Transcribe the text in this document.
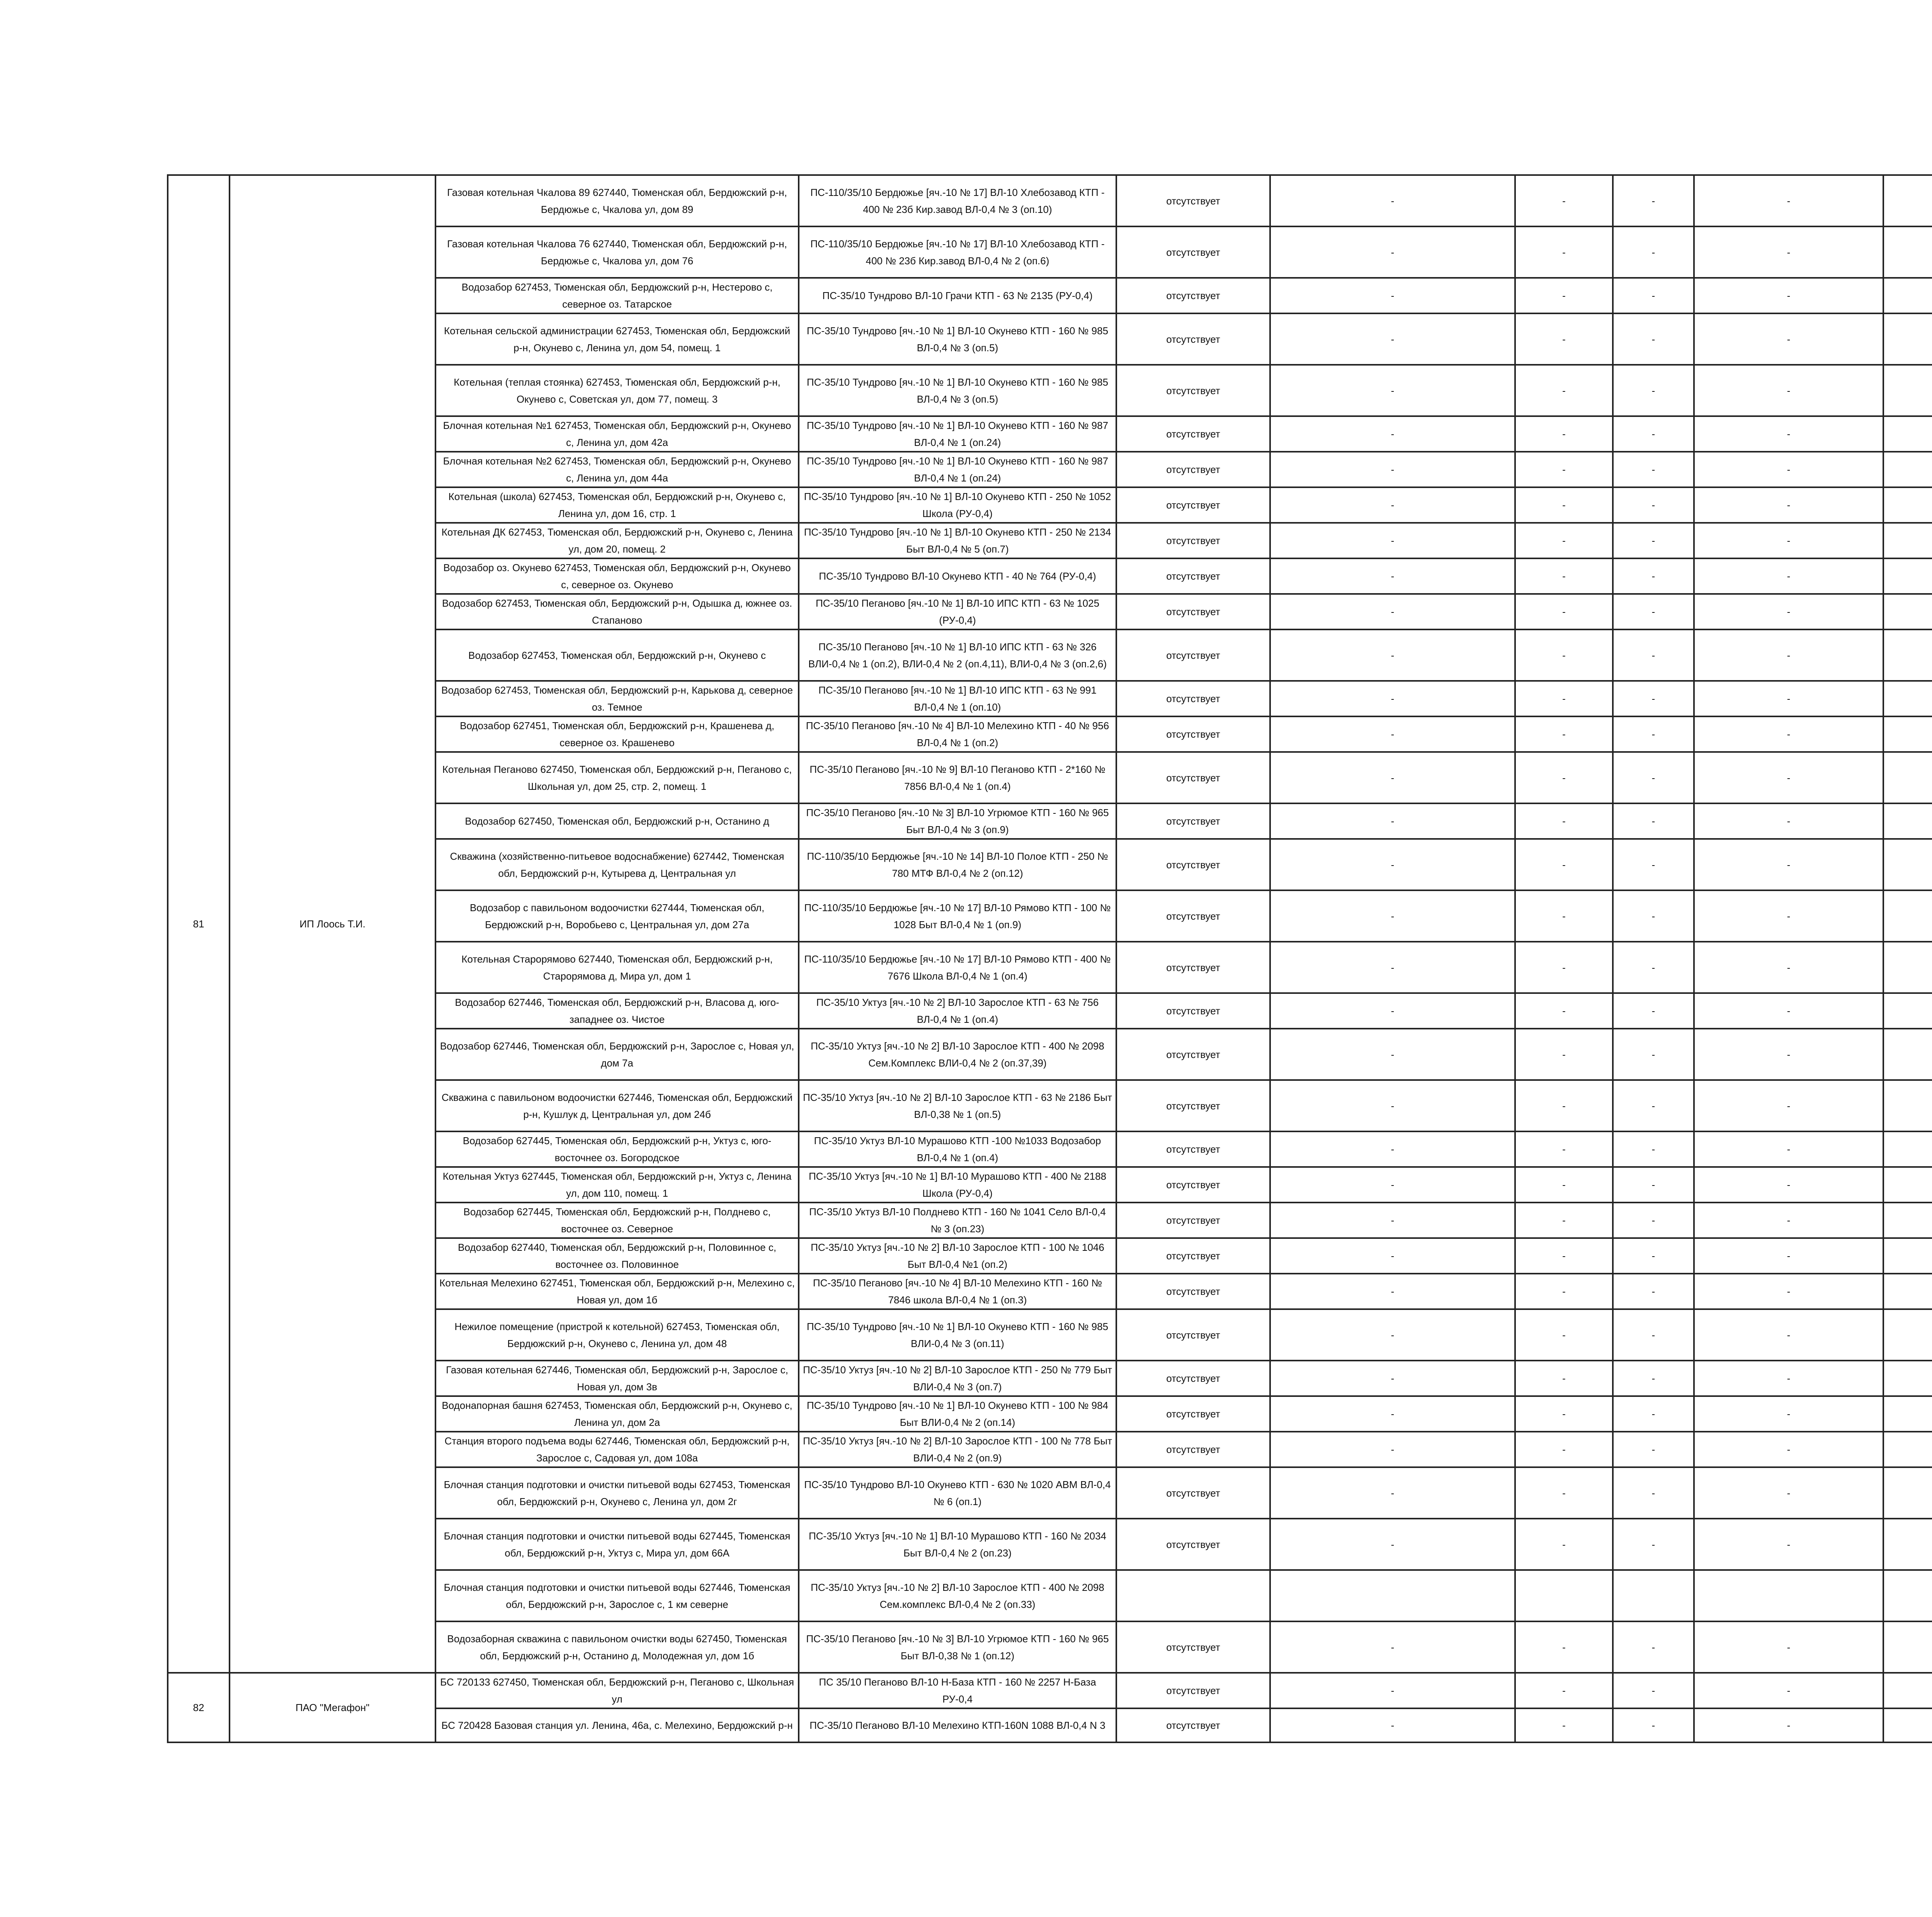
81	ИП Лоось Т.И.	Газовая котельная Чкалова 89 627440, Тюменская обл, Бердюжский р-н, Бердюжье с, Чкалова ул, дом 89	ПС-110/35/10 Бердюжье [яч.-10 № 17] ВЛ-10 Хлебозавод КТП - 400 № 23б Кир.завод ВЛ-0,4 № 3 (оп.10)	отсутствует	-	-	-	-		
		Газовая котельная Чкалова 76 627440, Тюменская обл, Бердюжский р-н, Бердюжье с, Чкалова ул, дом 76	ПС-110/35/10 Бердюжье [яч.-10 № 17] ВЛ-10 Хлебозавод КТП - 400 № 23б Кир.завод ВЛ-0,4 № 2 (оп.6)	отсутствует	-	-	-	-		
		Водозабор 627453, Тюменская обл, Бердюжский р-н, Нестерово с, северное оз. Татарское	ПС-35/10 Тундрово ВЛ-10 Грачи КТП - 63 № 2135 (РУ-0,4)	отсутствует	-	-	-	-		
		Котельная сельской администрации 627453, Тюменская обл, Бердюжский р-н, Окунево с, Ленина ул, дом 54, помещ. 1	ПС-35/10 Тундрово [яч.-10 № 1] ВЛ-10 Окунево КТП - 160 № 985 ВЛ-0,4 № 3 (оп.5)	отсутствует	-	-	-	-		
		Котельная (теплая стоянка) 627453, Тюменская обл, Бердюжский р-н, Окунево с, Советская ул, дом 77, помещ. 3	ПС-35/10 Тундрово [яч.-10 № 1] ВЛ-10 Окунево КТП - 160 № 985 ВЛ-0,4 № 3 (оп.5)	отсутствует	-	-	-	-		
		Блочная котельная №1 627453, Тюменская обл, Бердюжский р-н, Окунево с, Ленина ул, дом 42а	ПС-35/10 Тундрово [яч.-10 № 1] ВЛ-10 Окунево КТП - 160 № 987 ВЛ-0,4 № 1 (оп.24)	отсутствует	-	-	-	-		
		Блочная котельная №2 627453, Тюменская обл, Бердюжский р-н, Окунево с, Ленина ул, дом 44а	ПС-35/10 Тундрово [яч.-10 № 1] ВЛ-10 Окунево КТП - 160 № 987 ВЛ-0,4 № 1 (оп.24)	отсутствует	-	-	-	-		
		Котельная (школа) 627453, Тюменская обл, Бердюжский р-н, Окунево с, Ленина ул, дом 16, стр. 1	ПС-35/10 Тундрово [яч.-10 № 1] ВЛ-10 Окунево КТП - 250 № 1052 Школа (РУ-0,4)	отсутствует	-	-	-	-		
		Котельная ДК 627453, Тюменская обл, Бердюжский р-н, Окунево с, Ленина ул, дом 20, помещ. 2	ПС-35/10 Тундрово [яч.-10 № 1] ВЛ-10 Окунево КТП - 250 № 2134 Быт ВЛ-0,4 № 5 (оп.7)	отсутствует	-	-	-	-		
		Водозабор оз. Окунево 627453, Тюменская обл, Бердюжский р-н, Окунево с, северное оз. Окунево	ПС-35/10 Тундрово ВЛ-10 Окунево КТП - 40 № 764 (РУ-0,4)	отсутствует	-	-	-	-		
		Водозабор 627453, Тюменская обл, Бердюжский р-н, Одышка д, южнее оз. Стапаново	ПС-35/10 Пеганово [яч.-10 № 1] ВЛ-10 ИПС КТП - 63 № 1025 (РУ-0,4)	отсутствует	-	-	-	-		
		Водозабор 627453, Тюменская обл, Бердюжский р-н, Окунево с	ПС-35/10 Пеганово [яч.-10 № 1] ВЛ-10 ИПС КТП - 63 № 326 ВЛИ-0,4 № 1 (оп.2), ВЛИ-0,4 № 2 (оп.4,11), ВЛИ-0,4 № 3 (оп.2,6)	отсутствует	-	-	-	-		
		Водозабор 627453, Тюменская обл, Бердюжский р-н, Карькова д, северное оз. Темное	ПС-35/10 Пеганово [яч.-10 № 1] ВЛ-10 ИПС КТП - 63 № 991 ВЛ-0,4 № 1 (оп.10)	отсутствует	-	-	-	-		
		Водозабор 627451, Тюменская обл, Бердюжский р-н, Крашенева д, северное оз. Крашеневo	ПС-35/10 Пеганово [яч.-10 № 4] ВЛ-10 Мелехино КТП - 40 № 956 ВЛ-0,4 № 1 (оп.2)	отсутствует	-	-	-	-		
		Котельная Пеганово 627450, Тюменская обл, Бердюжский р-н, Пеганово с, Школьная ул, дом 25, стр. 2, помещ. 1	ПС-35/10 Пеганово [яч.-10 № 9] ВЛ-10 Пеганово КТП - 2*160 № 7856 ВЛ-0,4 № 1 (оп.4)	отсутствует	-	-	-	-		
		Водозабор 627450, Тюменская обл, Бердюжский р-н, Останино д	ПС-35/10 Пеганово [яч.-10 № 3] ВЛ-10 Угрюмое КТП - 160 № 965 Быт ВЛ-0,4 № 3 (оп.9)	отсутствует	-	-	-	-		
		Скважина (хозяйственно-питьевое водоснабжение) 627442, Тюменская обл, Бердюжский р-н, Кутырева д, Центральная ул	ПС-110/35/10 Бердюжье [яч.-10 № 14] ВЛ-10 Полое КТП - 250 № 780 МТФ ВЛ-0,4 № 2 (оп.12)	отсутствует	-	-	-	-		
		Водозабор с павильоном водоочистки 627444, Тюменская обл, Бердюжский р-н, Воробьево с, Центральная ул, дом 27а	ПС-110/35/10 Бердюжье [яч.-10 № 17] ВЛ-10 Рямово КТП - 100 № 1028 Быт ВЛ-0,4 № 1 (оп.9)	отсутствует	-	-	-	-		
		Котельная Старорямово 627440, Тюменская обл, Бердюжский р-н, Старорямова д, Мира ул, дом 1	ПС-110/35/10 Бердюжье [яч.-10 № 17] ВЛ-10 Рямово КТП - 400 № 7676 Школа ВЛ-0,4 № 1 (оп.4)	отсутствует	-	-	-	-		
		Водозабор 627446, Тюменская обл, Бердюжский р-н, Власова д, юго-западнее оз. Чистое	ПС-35/10 Уктуз [яч.-10 № 2] ВЛ-10 Зарослое КТП - 63 № 756 ВЛ-0,4 № 1 (оп.4)	отсутствует	-	-	-	-		
		Водозабор 627446, Тюменская обл, Бердюжский р-н, Зарослое с, Новая ул, дом 7а	ПС-35/10 Уктуз [яч.-10 № 2] ВЛ-10 Зарослое КТП - 400 № 2098 Сем.Комплекс ВЛИ-0,4 № 2 (оп.37,39)	отсутствует	-	-	-	-		
		Скважина с павильоном водоочистки 627446, Тюменская обл, Бердюжский р-н, Кушлук д, Центральная ул, дом 24б	ПС-35/10 Уктуз [яч.-10 № 2] ВЛ-10 Зарослое КТП - 63 № 2186 Быт ВЛ-0,38 № 1 (оп.5)	отсутствует	-	-	-	-		
		Водозабор 627445, Тюменская обл, Бердюжский р-н, Уктуз с, юго-восточнее оз. Богородское	ПС-35/10 Уктуз ВЛ-10 Мурашово КТП -100 №1033 Водозабор ВЛ-0,4 № 1 (оп.4)	отсутствует	-	-	-	-		
		Котельная Уктуз 627445, Тюменская обл, Бердюжский р-н, Уктуз с, Ленина ул, дом 110, помещ. 1	ПС-35/10 Уктуз [яч.-10 № 1] ВЛ-10 Мурашово КТП - 400 № 2188 Школа (РУ-0,4)	отсутствует	-	-	-	-		
		Водозабор 627445, Тюменская обл, Бердюжский р-н, Полднево с, восточнее оз. Северное	ПС-35/10 Уктуз ВЛ-10 Полднево КТП - 160 № 1041 Село ВЛ-0,4 № 3 (оп.23)	отсутствует	-	-	-	-		
		Водозабор 627440, Тюменская обл, Бердюжский р-н, Половинное с, восточнее оз. Половинное	ПС-35/10 Уктуз [яч.-10 № 2] ВЛ-10 Зарослое КТП - 100 № 1046 Быт ВЛ-0,4 №1 (оп.2)	отсутствует	-	-	-	-		
		Котельная Мелехино 627451, Тюменская обл, Бердюжский р-н, Мелехино с, Новая ул, дом 1б	ПС-35/10 Пеганово [яч.-10 № 4] ВЛ-10 Мелехино КТП - 160 № 7846 школа ВЛ-0,4 № 1 (оп.3)	отсутствует	-	-	-	-		
		Нежилое помещение (пристрой к котельной) 627453, Тюменская обл, Бердюжский р-н, Окунево с, Ленина ул, дом 48	ПС-35/10 Тундрово [яч.-10 № 1] ВЛ-10 Окунево КТП - 160 № 985 ВЛИ-0,4 № 3 (оп.11)	отсутствует	-	-	-	-		
		Газовая котельная 627446, Тюменская обл, Бердюжский р-н, Зарослое с, Новая ул, дом 3в	ПС-35/10 Уктуз [яч.-10 № 2] ВЛ-10 Зарослое КТП - 250 № 779 Быт ВЛИ-0,4 № 3 (оп.7)	отсутствует	-	-	-	-		
		Водонапорная башня 627453, Тюменская обл, Бердюжский р-н, Окунево с, Ленина ул, дом 2а	ПС-35/10 Тундрово [яч.-10 № 1] ВЛ-10 Окунево КТП - 100 № 984 Быт ВЛИ-0,4 № 2 (оп.14)	отсутствует	-	-	-	-		
		Станция второго подъема воды 627446, Тюменская обл, Бердюжский р-н, Зарослое с, Садовая ул, дом 108а	ПС-35/10 Уктуз [яч.-10 № 2] ВЛ-10 Зарослое КТП - 100 № 778 Быт ВЛИ-0,4 № 2 (оп.9)	отсутствует	-	-	-	-		
		Блочная станция подготовки и очистки питьевой воды 627453, Тюменская обл, Бердюжский р-н, Окунево с, Ленина ул, дом 2г	ПС-35/10 Тундрово ВЛ-10 Окунево КТП - 630 № 1020 АВМ ВЛ-0,4 № 6 (оп.1)	отсутствует	-	-	-	-		
		Блочная станция подготовки и очистки питьевой воды 627445, Тюменская обл, Бердюжский р-н, Уктуз с, Мира ул, дом 66А	ПС-35/10 Уктуз [яч.-10 № 1] ВЛ-10 Мурашово КТП - 160 № 2034 Быт ВЛ-0,4 № 2 (оп.23)	отсутствует	-	-	-	-		
		Блочная станция подготовки и очистки питьевой воды 627446, Тюменская обл, Бердюжский р-н, Зарослое с, 1 км северне	ПС-35/10 Уктуз [яч.-10 № 2] ВЛ-10 Зарослое КТП - 400 № 2098 Сем.комплекс ВЛ-0,4 № 2 (оп.33)							
		Водозаборная скважина с павильоном очистки воды 627450, Тюменская обл, Бердюжский р-н, Останино д, Молодежная ул, дом 1б	ПС-35/10 Пеганово [яч.-10 № 3] ВЛ-10 Угрюмое КТП - 160 № 965 Быт ВЛ-0,38 № 1 (оп.12)	отсутствует	-	-	-	-		
82	ПАО "Мегафон"	БС 720133 627450, Тюменская обл, Бердюжский р-н, Пеганово с, Школьная ул	ПС 35/10 Пеганово ВЛ-10 Н-База КТП - 160 № 2257 Н-База РУ-0,4	отсутствует	-	-	-	-		
		БС 720428 Базовая станция ул. Ленина, 46а, с. Мелехино, Бердюжский р-н	ПС-35/10 Пеганово ВЛ-10 Мелехино КТП-160N 1088 ВЛ-0,4 N 3	отсутствует	-	-	-	-		
